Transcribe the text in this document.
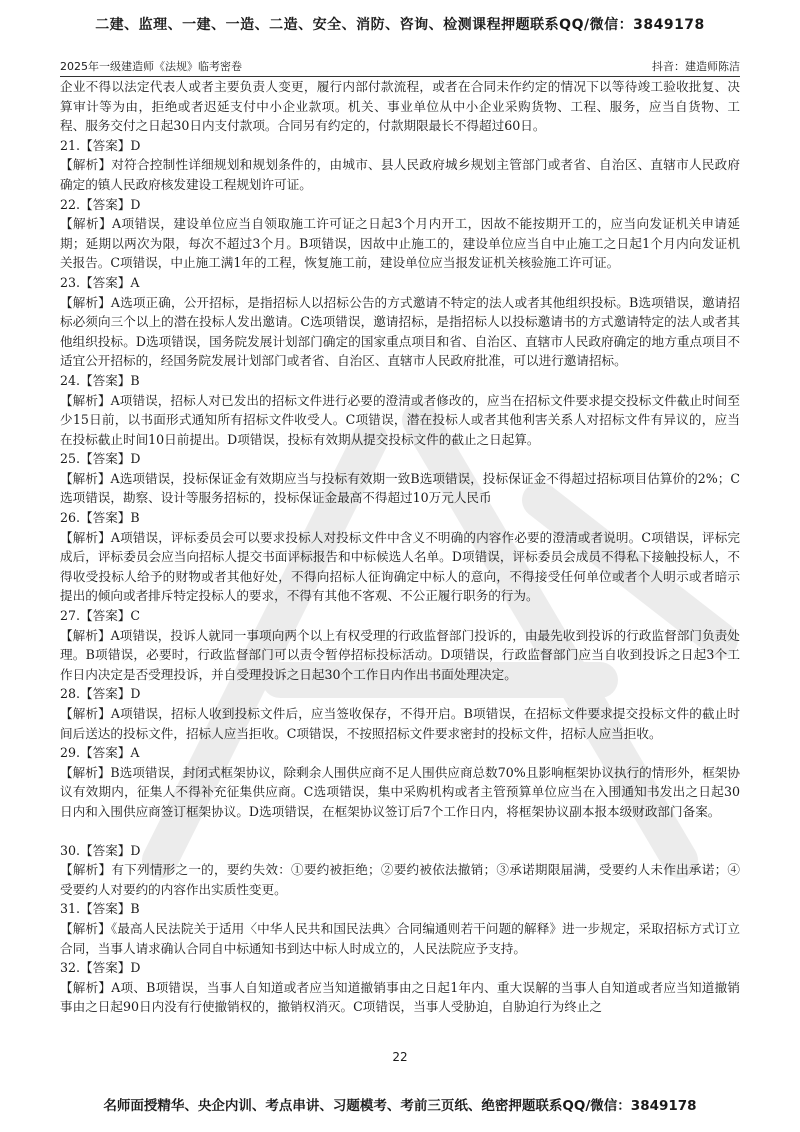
二建、监理、一建、一造、二造、安全、消防、咨询、检测课程押题联系QQ/微信：3849178
2025年一级建造师《法规》临考密卷	抖音：建造师陈洁

企业不得以法定代表人或者主要负责人变更，履行内部付款流程，或者在合同未作约定的情况下以等待竣工验收批复、决算审计等为由，拒绝或者迟延支付中小企业款项。机关、事业单位从中小企业采购货物、工程、服务，应当自货物、工程、服务交付之日起30日内支付款项。合同另有约定的，付款期限最长不得超过60日。

21.【答案】D

【解析】对符合控制性详细规划和规划条件的，由城市、县人民政府城乡规划主管部门或者省、自治区、直辖市人民政府确定的镇人民政府核发建设工程规划许可证。

22.【答案】D

【解析】A项错误，建设单位应当自领取施工许可证之日起3个月内开工，因故不能按期开工的，应当向发证机关申请延期；延期以两次为限，每次不超过3个月。B项错误，因故中止施工的，建设单位应当自中止施工之日起1个月内向发证机关报告。C项错误，中止施工满1年的工程，恢复施工前，建设单位应当报发证机关核验施工许可证。

23.【答案】A

【解析】A选项正确，公开招标，是指招标人以招标公告的方式邀请不特定的法人或者其他组织投标。B选项错误，邀请招标必须向三个以上的潜在投标人发出邀请。C选项错误，邀请招标，是指招标人以投标邀请书的方式邀请特定的法人或者其他组织投标。D选项错误，国务院发展计划部门确定的国家重点项目和省、自治区、直辖市人民政府确定的地方重点项目不适宜公开招标的，经国务院发展计划部门或者省、自治区、直辖市人民政府批准，可以进行邀请招标。

24.【答案】B

【解析】A项错误，招标人对已发出的招标文件进行必要的澄清或者修改的，应当在招标文件要求提交投标文件截止时间至少15日前，以书面形式通知所有招标文件收受人。C项错误，潜在投标人或者其他利害关系人对招标文件有异议的，应当在投标截止时间10日前提出。D项错误，投标有效期从提交投标文件的截止之日起算。

25.【答案】D

【解析】A选项错误，投标保证金有效期应当与投标有效期一致B选项错误，投标保证金不得超过招标项目估算价的2%；C选项错误，勘察、设计等服务招标的，投标保证金最高不得超过10万元人民币

26.【答案】B

【解析】A项错误，评标委员会可以要求投标人对投标文件中含义不明确的内容作必要的澄清或者说明。C项错误，评标完成后，评标委员会应当向招标人提交书面评标报告和中标候选人名单。D项错误，评标委员会成员不得私下接触投标人，不得收受投标人给予的财物或者其他好处，不得向招标人征询确定中标人的意向，不得接受任何单位或者个人明示或者暗示提出的倾向或者排斥特定投标人的要求，不得有其他不客观、不公正履行职务的行为。

27.【答案】C

【解析】A项错误，投诉人就同一事项向两个以上有权受理的行政监督部门投诉的，由最先收到投诉的行政监督部门负责处理。B项错误，必要时，行政监督部门可以责令暂停招标投标活动。D项错误，行政监督部门应当自收到投诉之日起3个工作日内决定是否受理投诉，并自受理投诉之日起30个工作日内作出书面处理决定。

28.【答案】D

【解析】A项错误，招标人收到投标文件后，应当签收保存，不得开启。B项错误，在招标文件要求提交投标文件的截止时间后送达的投标文件，招标人应当拒收。C项错误，不按照招标文件要求密封的投标文件，招标人应当拒收。

29.【答案】A

【解析】B选项错误，封闭式框架协议，除剩余人围供应商不足人围供应商总数70%且影响框架协议执行的情形外，框架协议有效期内，征集人不得补充征集供应商。C选项错误，集中采购机构或者主管预算单位应当在入围通知书发出之日起30日内和入围供应商签订框架协议。D选项错误，在框架协议签订后7个工作日内，将框架协议副本报本级财政部门备案。

30.【答案】D

【解析】有下列情形之一的，要约失效：①要约被拒绝；②要约被依法撤销；③承诺期限届满，受要约人未作出承诺；④受要约人对要约的内容作出实质性变更。

31.【答案】B

【解析】《最高人民法院关于适用〈中华人民共和国民法典〉合同编通则若干问题的解释》进一步规定，采取招标方式订立合同，当事人请求确认合同自中标通知书到达中标人时成立的，人民法院应予支持。

32.【答案】D

【解析】A项、B项错误，当事人自知道或者应当知道撤销事由之日起1年内、重大误解的当事人自知道或者应当知道撤销事由之日起90日内没有行使撤销权的，撤销权消灭。C项错误，当事人受胁迫，自胁迫行为终止之

22
名师面授精华、央企内训、考点串讲、习题模考、考前三页纸、绝密押题联系QQ/微信：3849178
